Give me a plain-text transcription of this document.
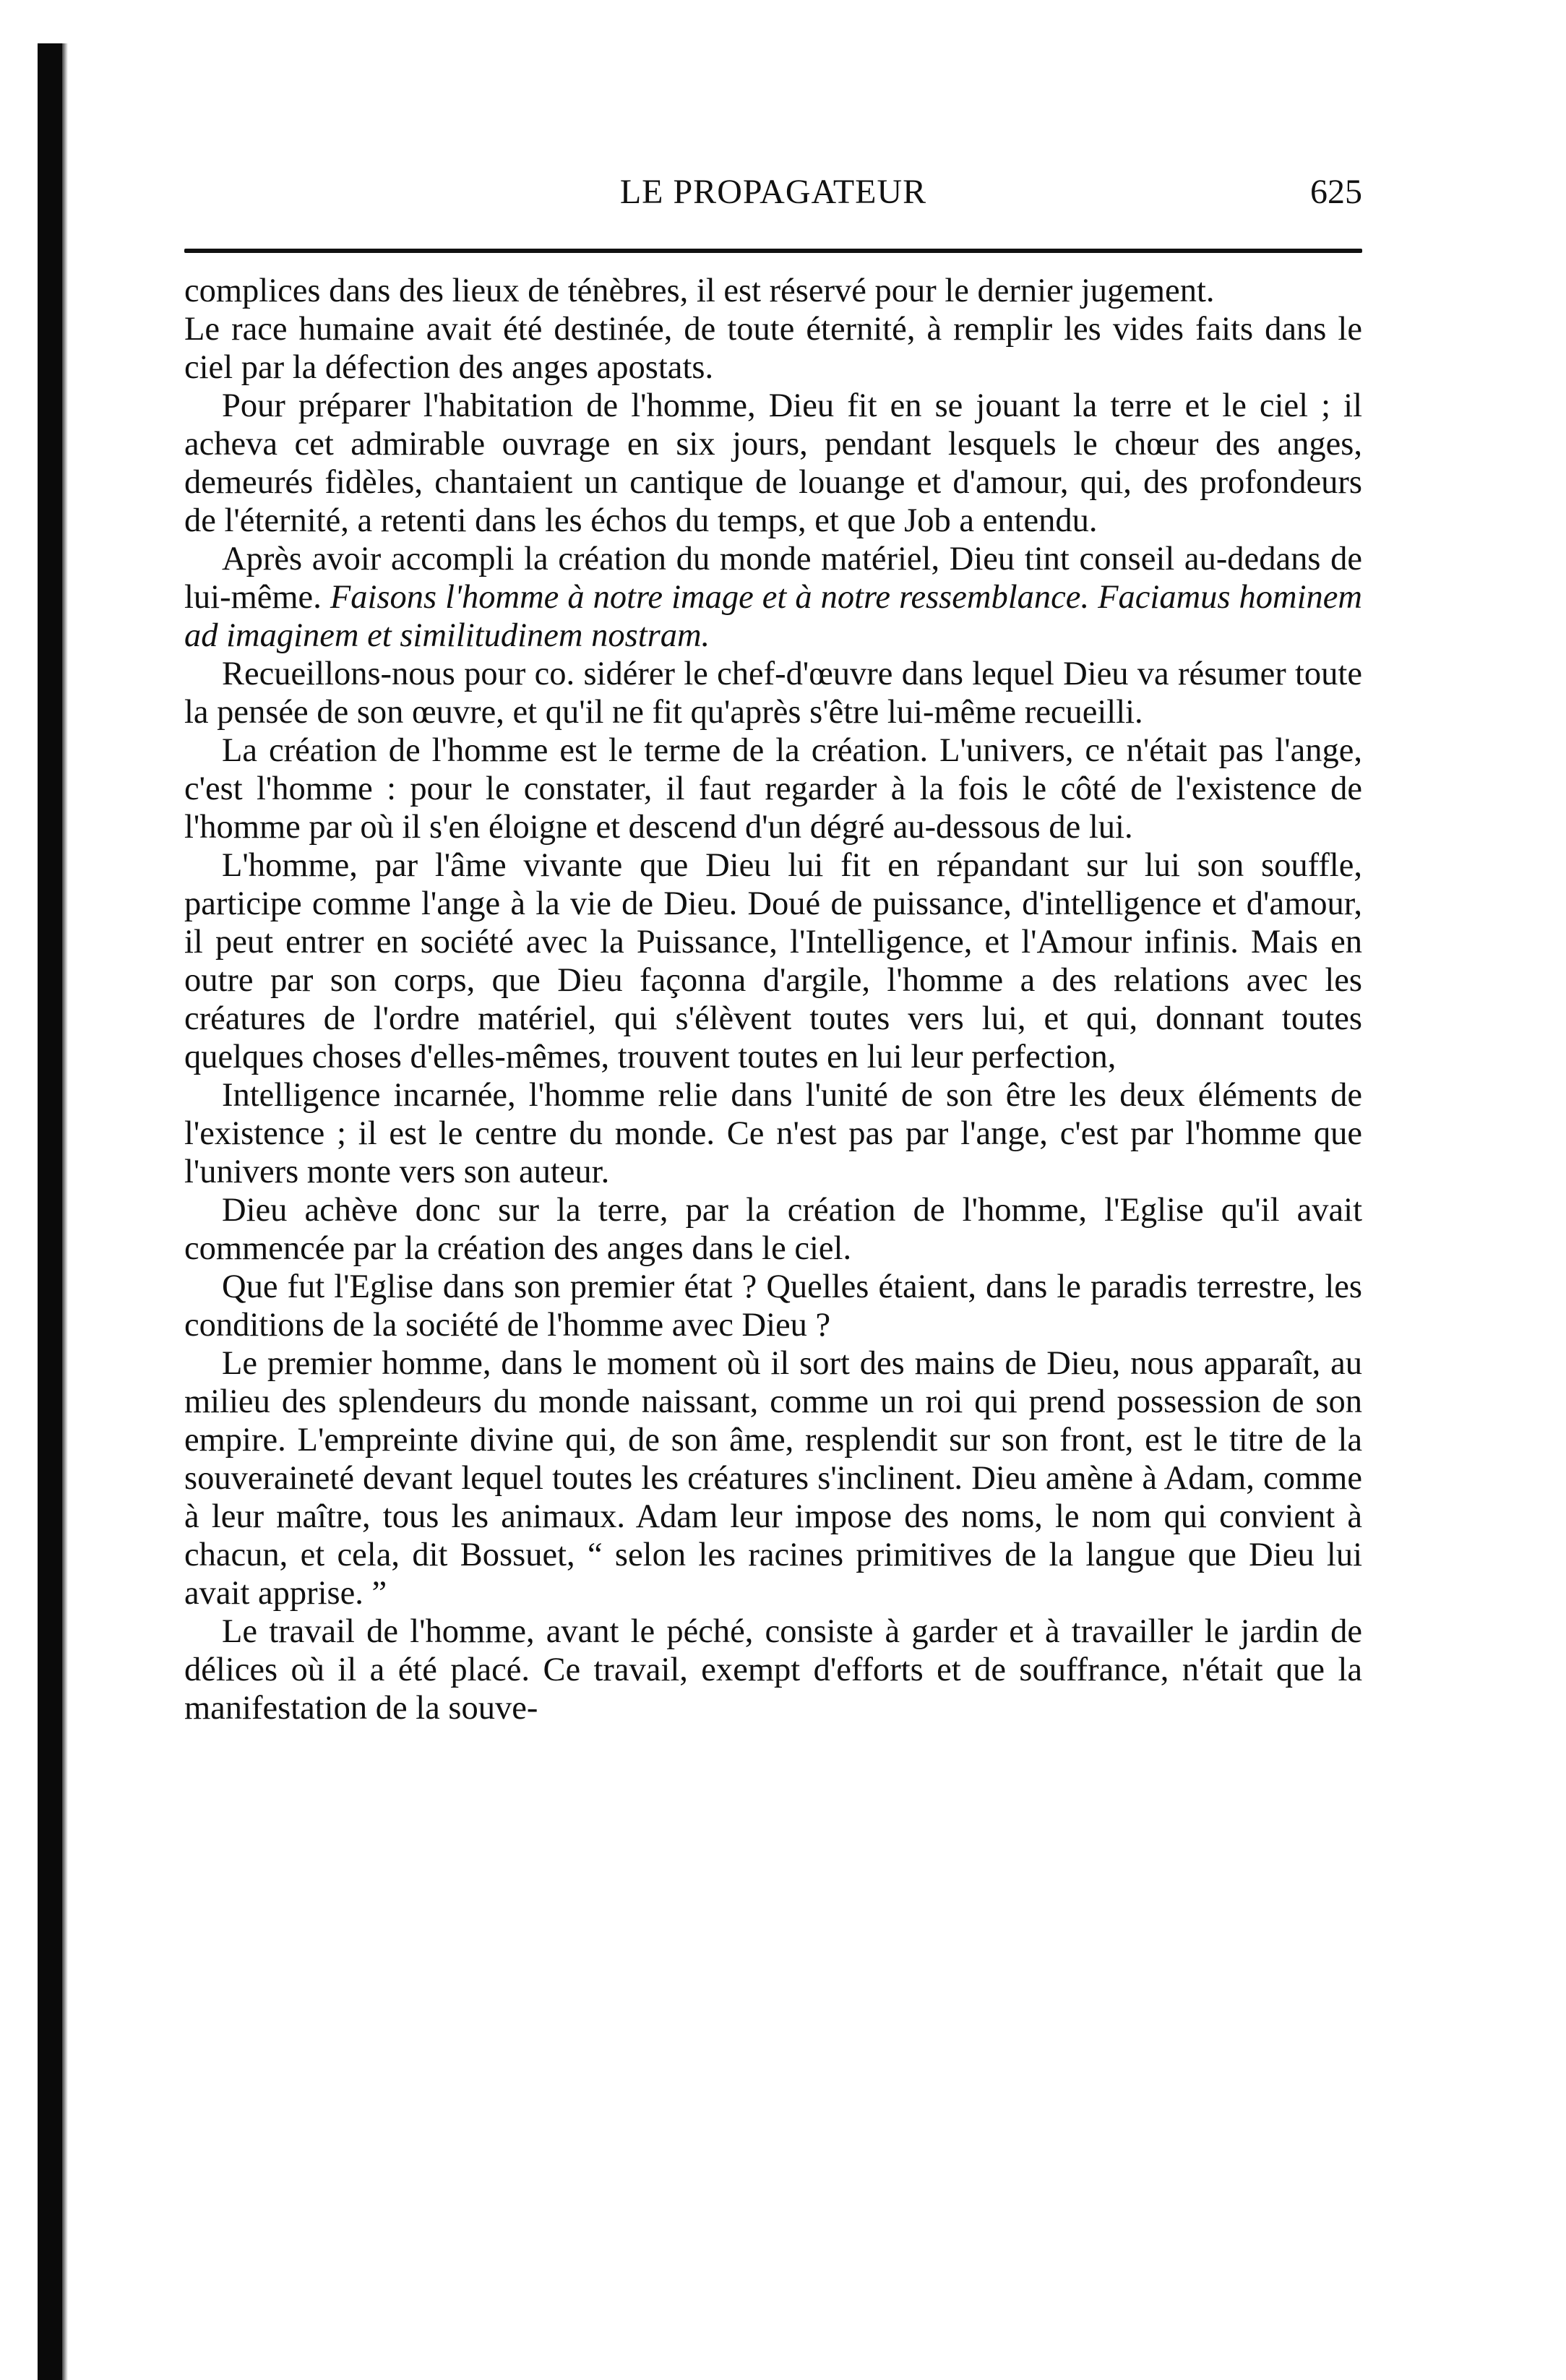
LE PROPAGATEUR	625

complices dans des lieux de ténèbres, il est réservé pour le dernier jugement.

Le race humaine avait été destinée, de toute éternité, à remplir les vides faits dans le ciel par la défection des anges apostats.

Pour préparer l'habitation de l'homme, Dieu fit en se jouant la terre et le ciel ; il acheva cet admirable ouvrage en six jours, pendant lesquels le chœur des anges, demeurés fidèles, chantaient un cantique de louange et d'amour, qui, des profondeurs de l'éternité, a retenti dans les échos du temps, et que Job a entendu.

Après avoir accompli la création du monde matériel, Dieu tint conseil au-dedans de lui-même. Faisons l'homme à notre image et à notre ressemblance. Faciamus hominem ad imaginem et similitudinem nostram.

Recueillons-nous pour co. sidérer le chef-d'œuvre dans lequel Dieu va résumer toute la pensée de son œuvre, et qu'il ne fit qu'après s'être lui-même recueilli.

La création de l'homme est le terme de la création. L'univers, ce n'était pas l'ange, c'est l'homme : pour le constater, il faut regarder à la fois le côté de l'existence de l'homme par où il s'en éloigne et descend d'un dégré au-dessous de lui.

L'homme, par l'âme vivante que Dieu lui fit en répandant sur lui son souffle, participe comme l'ange à la vie de Dieu. Doué de puissance, d'intelligence et d'amour, il peut entrer en société avec la Puissance, l'Intelligence, et l'Amour infinis. Mais en outre par son corps, que Dieu façonna d'argile, l'homme a des relations avec les créatures de l'ordre matériel, qui s'élèvent toutes vers lui, et qui, donnant toutes quelques choses d'elles-mêmes, trouvent toutes en lui leur perfection,

Intelligence incarnée, l'homme relie dans l'unité de son être les deux éléments de l'existence ; il est le centre du monde. Ce n'est pas par l'ange, c'est par l'homme que l'univers monte vers son auteur.

Dieu achève donc sur la terre, par la création de l'homme, l'Eglise qu'il avait commencée par la création des anges dans le ciel.

Que fut l'Eglise dans son premier état ? Quelles étaient, dans le paradis terrestre, les conditions de la société de l'homme avec Dieu ?

Le premier homme, dans le moment où il sort des mains de Dieu, nous apparaît, au milieu des splendeurs du monde naissant, comme un roi qui prend possession de son empire. L'empreinte divine qui, de son âme, resplendit sur son front, est le titre de la souveraineté devant lequel toutes les créatures s'inclinent. Dieu amène à Adam, comme à leur maître, tous les animaux. Adam leur impose des noms, le nom qui convient à chacun, et cela, dit Bossuet, “ selon les racines primitives de la langue que Dieu lui avait apprise. ”

Le travail de l'homme, avant le péché, consiste à garder et à travailler le jardin de délices où il a été placé. Ce travail, exempt d'efforts et de souffrance, n'était que la manifestation de la souve-
